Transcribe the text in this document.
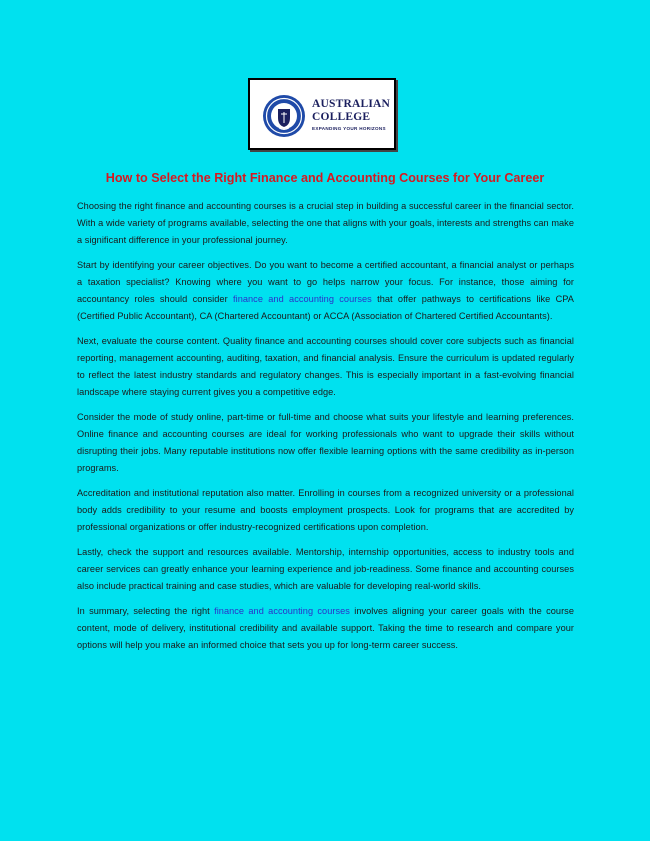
AUSTRALIAN
COLLEGE
EXPANDING YOUR HORIZONS
How to Select the Right Finance and Accounting Courses for Your Career

Choosing the right finance and accounting courses is a crucial step in building a successful career in the financial sector. With a wide variety of programs available, selecting the one that aligns with your goals, interests and strengths can make a significant difference in your professional journey.

Start by identifying your career objectives. Do you want to become a certified accountant, a financial analyst or perhaps a taxation specialist? Knowing where you want to go helps narrow your focus. For instance, those aiming for accountancy roles should consider finance and accounting courses that offer pathways to certifications like CPA (Certified Public Accountant), CA (Chartered Accountant) or ACCA (Association of Chartered Certified Accountants).

Next, evaluate the course content. Quality finance and accounting courses should cover core subjects such as financial reporting, management accounting, auditing, taxation, and financial analysis. Ensure the curriculum is updated regularly to reflect the latest industry standards and regulatory changes. This is especially important in a fast-evolving financial landscape where staying current gives you a competitive edge.

Consider the mode of study online, part-time or full-time and choose what suits your lifestyle and learning preferences. Online finance and accounting courses are ideal for working professionals who want to upgrade their skills without disrupting their jobs. Many reputable institutions now offer flexible learning options with the same credibility as in-person programs.

Accreditation and institutional reputation also matter. Enrolling in courses from a recognized university or a professional body adds credibility to your resume and boosts employment prospects. Look for programs that are accredited by professional organizations or offer industry-recognized certifications upon completion.

Lastly, check the support and resources available. Mentorship, internship opportunities, access to industry tools and career services can greatly enhance your learning experience and job-readiness. Some finance and accounting courses also include practical training and case studies, which are valuable for developing real-world skills.

In summary, selecting the right finance and accounting courses involves aligning your career goals with the course content, mode of delivery, institutional credibility and available support. Taking the time to research and compare your options will help you make an informed choice that sets you up for long-term career success.
